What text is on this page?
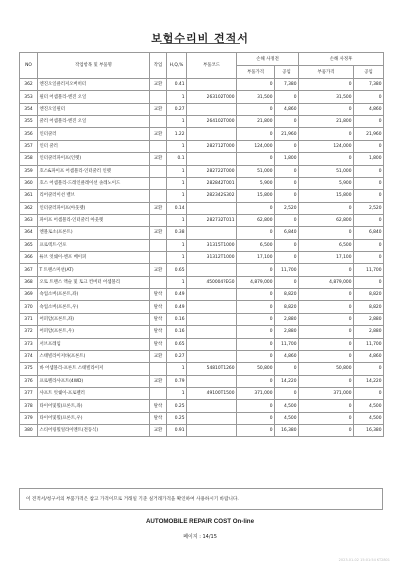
보험수리비 견적서
NO	작업항목 및 부품명	작업	H,Q,%	부품코드	손해 사정전		손해 사정후	
					부품가격	공임	부품가격	공임
362	엔진오일클러저오버히터	교환	0.41		0	7,380	0	7,380
353	필터 어셈블리-엔진 오일		1	263102T000	31,500	0	31,500	0
354	엔진오일필터	교환	0.27		0	4,860	0	4,860
355	쿨러 어셈블리-엔진 오일		1	264102T000	21,800	0	21,800	0
356	인터쿨러	교환	1.22		0	21,960	0	21,960
357	인터 쿨러		1	282712T000	124,000	0	124,000	0
358	인터쿨러파이프(인렛)	교환	0.1		0	1,800	0	1,800
359	호스&파이프 어셈블리-인터쿨러 인렛		1	282722T000	51,000	0	51,000	0
360	호스 어셈블리-드레인클레이션 솔레노이드		1	282842T001	5,900	0	5,900	0
361	리어쿨러이션 밸브		1	282342S302	15,800	0	15,800	0
362	인터쿨러파이프(아웃렛)	교환	0.14		0	2,520	0	2,520
363	파이프 어셈블리-인터쿨러 아웃렛		1	282732T011	62,800	0	62,800	0
364	엔블로소(프론트)	교환	0.38		0	6,840	0	6,840
365	프로텍트-언포		1	31315T1000	6,500	0	6,500	0
366	튜브 엇쉐이-엔포 베이퍼		1	31312T1000	17,100	0	17,100	0
367	T 트랜스미션(AT)	교환	0.65		0	11,700	0	11,700
368	오토 트랜스 액슬 및 토크 컨버터 어셈블리		1	450004?EG0	4,879,000	0	4,879,000	0
369	쇽업소버(프론트,좌)	탈착	0.49		0	8,820	0	8,820
370	쇽업소버(프론트,우)	탈착	0.49		0	8,820	0	8,820
371	어퍼암(프론트,좌)	탈착	0.16		0	2,880	0	2,880
372	어퍼암(프론트,우)	탈착	0.16		0	2,880	0	2,880
373	서브프레임	탈착	0.65		0	11,700	0	11,700
374	스태빌라이저바(프론트)	교환	0.27		0	4,860	0	4,860
375	바 어셈블리-프론트 스태빌라이저		1	54810T1260	50,800	0	50,800	0
376	프로펠라샤프트(4WD)	교환	0.79		0	14,220	0	14,220
377	샤프트 엇쉐이-프로펠러		1	49100T1500	371,000	0	371,000	0
378	타이어및휠(프론트,좌)	탈착	0.25		0	4,500	0	4,500
379	타이어및휠(프론트,우)	탈착	0.25		0	4,500	0	4,500
380	스티어링휠얼라이멘트(전동식)	교환	0.91		0	16,380	0	16,380
이 견적서/청구서의 부품가격은 참고 가격이므로 거래일 기준 실거래가격을 확인하여 사용하시기 바랍니다.
AUTOMOBILE REPAIR COST On-line
페이지 : 14/15
2023-01-02 15:01:54 KT2801
